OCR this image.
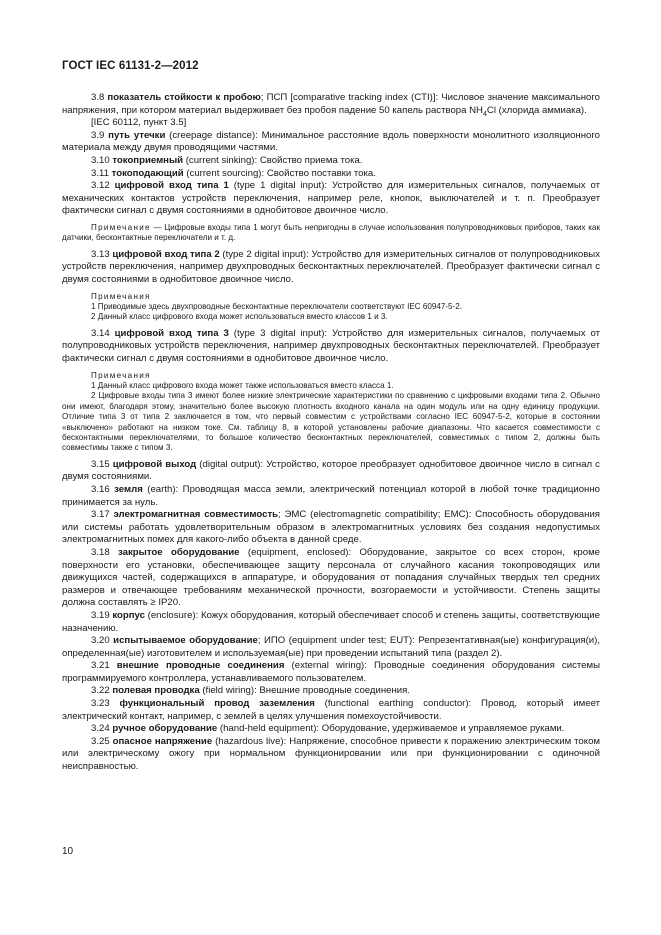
ГОСТ IEC 61131-2—2012

3.8 показатель стойкости к пробою; ПСП [comparative tracking index (CTI)]: Числовое значение максимального напряжения, при котором материал выдерживает без пробоя падение 50 капель раствора $NH_4Cl$ (хлорида аммиака).

[IEC 60112, пункт 3.5]

3.9 путь утечки (creepage distance): Минимальное расстояние вдоль поверхности монолитного изоляционного материала между двумя проводящими частями.

3.10 токоприемный (current sinking): Свойство приема тока.

3.11 токоподающий (current sourcing): Свойство поставки тока.

3.12 цифровой вход типа 1 (type 1 digital input): Устройство для измерительных сигналов, получаемых от механических контактов устройств переключения, например реле, кнопок, выключателей и т. п. Преобразует фактически сигнал с двумя состояниями в однобитовое двоичное число.

Примечание — Цифровые входы типа 1 могут быть непригодны в случае использования полупроводниковых приборов, таких как датчики, бесконтактные переключатели и т. д.

3.13 цифровой вход типа 2 (type 2 digital input): Устройство для измерительных сигналов от полупроводниковых устройств переключения, например двухпроводных бесконтактных переключателей. Преобразует фактически сигнал с двумя состояниями в однобитовое двоичное число.

Примечания
1 Приводимые здесь двухпроводные бесконтактные переключатели соответствуют IEC 60947-5-2.
2 Данный класс цифрового входа может использоваться вместо классов 1 и 3.

3.14 цифровой вход типа 3 (type 3 digital input): Устройство для измерительных сигналов, получаемых от полупроводниковых устройств переключения, например двухпроводных бесконтактных переключателей. Преобразует фактически сигнал с двумя состояниями в однобитовое двоичное число.

Примечания
1 Данный класс цифрового входа может также использоваться вместо класса 1.
2 Цифровые входы типа 3 имеют более низкие электрические характеристики по сравнению с цифровыми входами типа 2. Обычно они имеют, благодаря этому, значительно более высокую плотность входного канала на один модуль или на одну единицу продукции. Отличие типа 3 от типа 2 заключается в том, что первый совместим с устройствами согласно IEC 60947-5-2, которые в состоянии «выключено» работают на низком токе. См. таблицу 8, в которой установлены рабочие диапазоны. Что касается совместимости с бесконтактными переключателями, то большое количество бесконтактных переключателей, совместимых с типом 2, должны быть совместимы также с типом 3.

3.15 цифровой выход (digital output): Устройство, которое преобразует однобитовое двоичное число в сигнал с двумя состояниями.

3.16 земля (earth): Проводящая масса земли, электрический потенциал которой в любой точке традиционно принимается за нуль.

3.17 электромагнитная совместимость; ЭМС (electromagnetic compatibility; EMC): Способность оборудования или системы работать удовлетворительным образом в электромагнитных условиях без создания недопустимых электромагнитных помех для какого-либо объекта в данной среде.

3.18 закрытое оборудование (equipment, enclosed): Оборудование, закрытое со всех сторон, кроме поверхности его установки, обеспечивающее защиту персонала от случайного касания токопроводящих или движущихся частей, содержащихся в аппаратуре, и оборудования от попадания случайных твердых тел средних размеров и отвечающее требованиям механической прочности, возгораемости и устойчивости. Степень защиты должна составлять ≥ IP20.

3.19 корпус (enclosure): Кожух оборудования, который обеспечивает способ и степень защиты, соответствующие назначению.

3.20 испытываемое оборудование; ИПО (equipment under test; EUT): Репрезентативная(ые) конфигурация(и), определенная(ые) изготовителем и используемая(ые) при проведении испытаний типа (раздел 2).

3.21 внешние проводные соединения (external wiring): Проводные соединения оборудования системы программируемого контроллера, устанавливаемого пользователем.

3.22 полевая проводка (field wiring): Внешние проводные соединения.

3.23 функциональный провод заземления (functional earthing conductor): Провод, который имеет электрический контакт, например, с землей в целях улучшения помехоустойчивости.

3.24 ручное оборудование (hand-held equipment): Оборудование, удерживаемое и управляемое руками.

3.25 опасное напряжение (hazardous live): Напряжение, способное привести к поражению электрическим током или электрическому ожогу при нормальном функционировании или при функционировании с одиночной неисправностью.

10
